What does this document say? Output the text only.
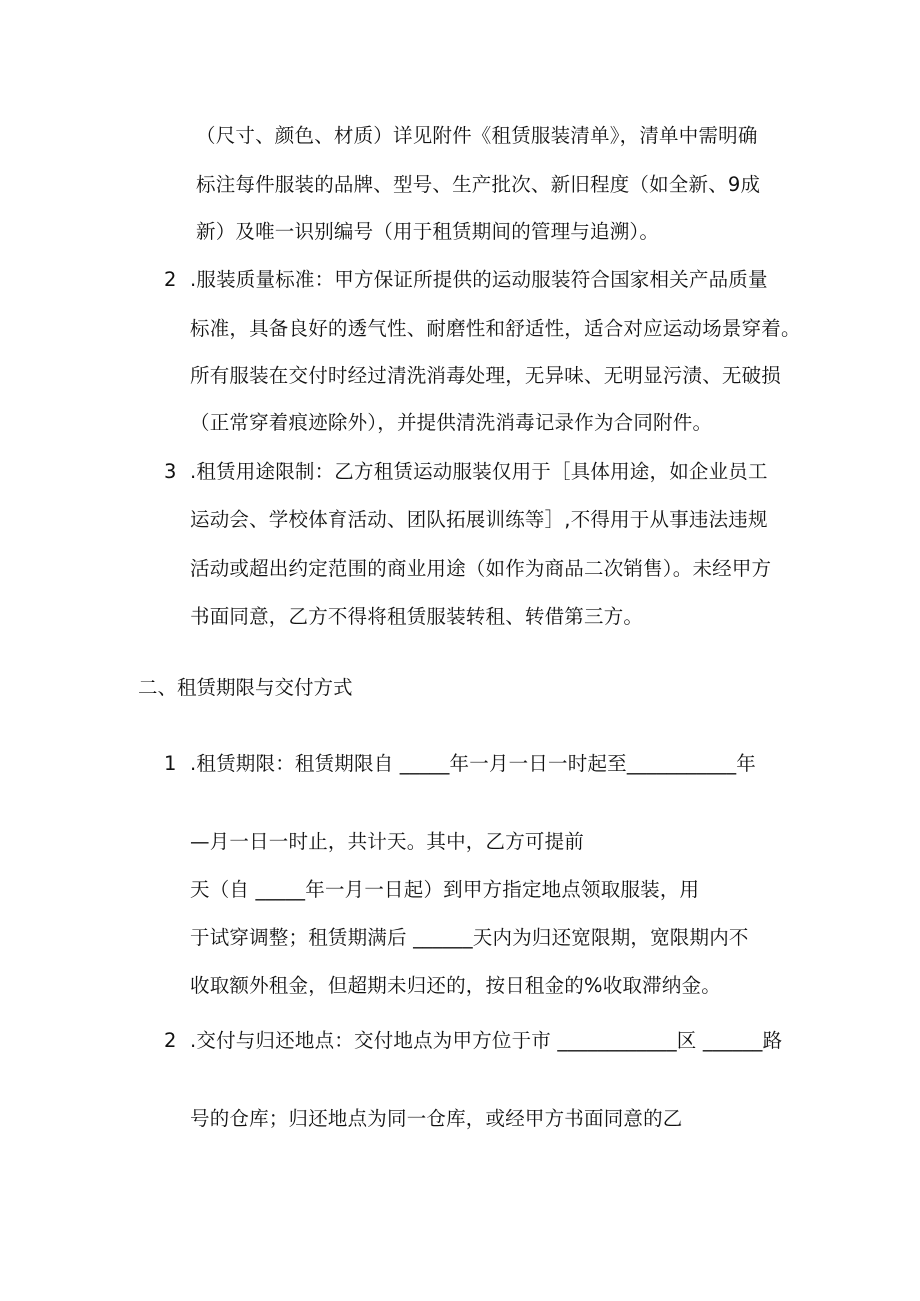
（尺寸、颜色、材质）详见附件《租赁服装清单》，清单中需明确
标注每件服装的品牌、型号、生产批次、新旧程度（如全新、9成
新）及唯一识别编号（用于租赁期间的管理与追溯）。
2 .服装质量标准：甲方保证所提供的运动服装符合国家相关产品质量
标准，具备良好的透气性、耐磨性和舒适性，适合对应运动场景穿着。
所有服装在交付时经过清洗消毒处理，无异味、无明显污渍、无破损
（正常穿着痕迹除外），并提供清洗消毒记录作为合同附件。
3 .租赁用途限制：乙方租赁运动服装仅用于［具体用途，如企业员工
运动会、学校体育活动、团队拓展训练等］,不得用于从事违法违规
活动或超出约定范围的商业用途（如作为商品二次销售）。未经甲方
书面同意，乙方不得将租赁服装转租、转借第三方。
二、租赁期限与交付方式
1 .租赁期限：租赁期限自 _____年一月一日一时起至___________年
—月一日一时止，共计天。其中，乙方可提前
天（自 _____年一月一日起）到甲方指定地点领取服装，用
于试穿调整；租赁期满后 ______天内为归还宽限期，宽限期内不
收取额外租金，但超期未归还的，按日租金的%收取滞纳金。
2 .交付与归还地点：交付地点为甲方位于市 ____________区 ______路
号的仓库；归还地点为同一仓库，或经甲方书面同意的乙
